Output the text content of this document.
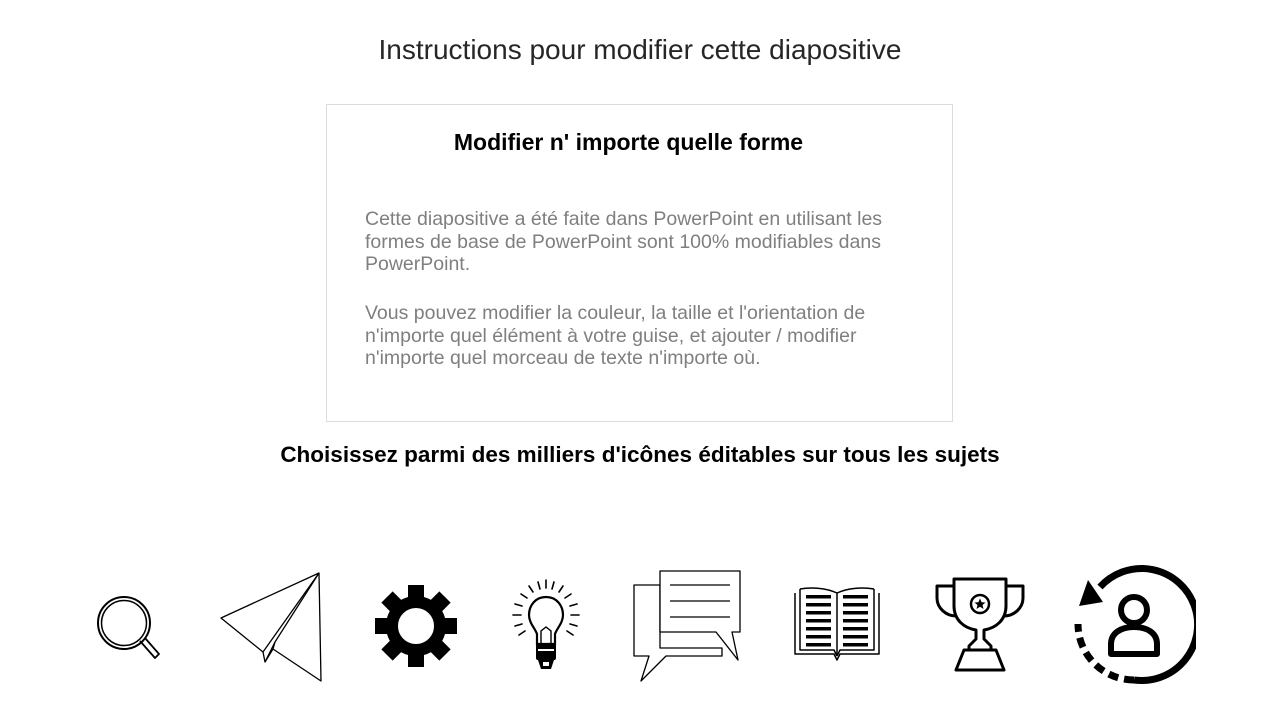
Instructions pour modifier cette diapositive
Modifier n' importe quelle forme

Cette diapositive a été faite dans PowerPoint en utilisant les formes de base de PowerPoint sont 100% modifiables dans PowerPoint.

Vous pouvez modifier la couleur, la taille et l'orientation de n'importe quel élément à votre guise, et ajouter / modifier n'importe quel morceau de texte n'importe où.

Choisissez parmi des milliers d'icônes éditables sur tous les sujets
